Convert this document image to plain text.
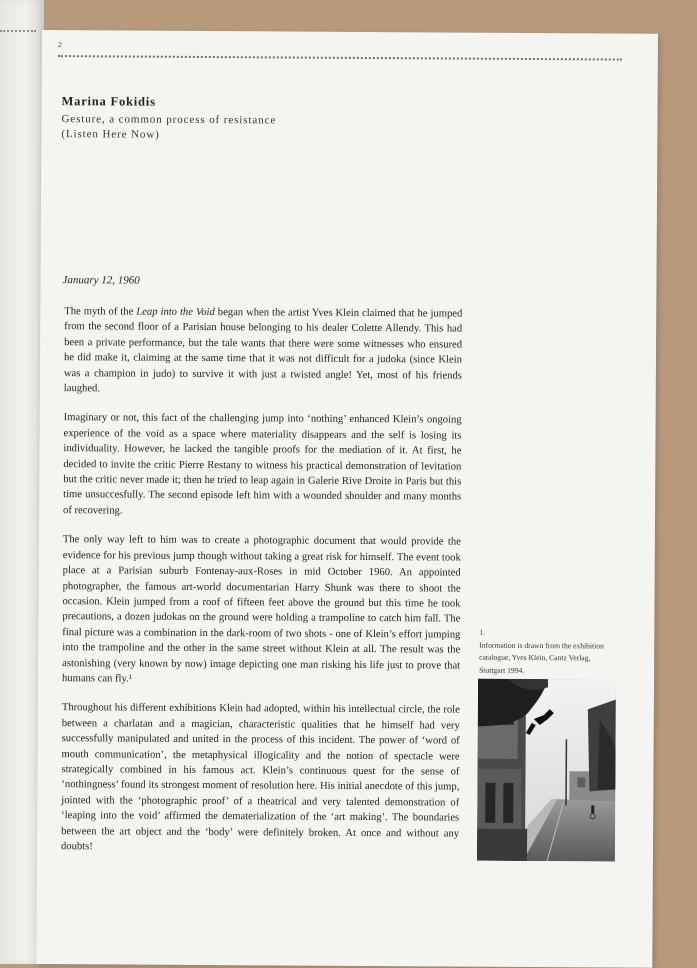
2
Marina Fokidis
Gesture, a common process of resistance
(Listen Here Now)
January 12, 1960

The myth of the Leap into the Void began when the artist Yves Klein claimed that he jumped from the second floor of a Parisian house belonging to his dealer Colette Allendy. This had been a private performance, but the tale wants that there were some witnesses who ensured he did make it, claiming at the same time that it was not difficult for a judoka (since Klein was a champion in judo) to survive it with just a twisted angle! Yet, most of his friends laughed.

Imaginary or not, this fact of the challenging jump into ‘nothing’ enhanced Klein’s ongoing experience of the void as a space where materiality disappears and the self is losing its individuality. However, he lacked the tangible proofs for the mediation of it. At first, he decided to invite the critic Pierre Restany to witness his practical demonstration of levitation but the critic never made it; then he tried to leap again in Galerie Rive Droite in Paris but this time unsuccesfully. The second episode left him with a wounded shoulder and many months of recovering.

The only way left to him was to create a photographic document that would provide the evidence for his previous jump though without taking a great risk for himself. The event took place at a Parisian suburb Fontenay-aux-Roses in mid October 1960. An appointed photographer, the famous art-world documentarian Harry Shunk was there to shoot the occasion. Klein jumped from a roof of fifteen feet above the ground but this time he took precautions, a dozen judokas on the ground were holding a trampoline to catch him fall. The final picture was a combination in the dark-room of two shots - one of Klein’s effort jumping into the trampoline and the other in the same street without Klein at all. The result was the astonishing (very known by now) image depicting one man risking his life just to prove that humans can fly.¹

Throughout his different exhibitions Klein had adopted, within his intellectual circle, the role between a charlatan and a magician, characteristic qualities that he himself had very successfully manipulated and united in the process of this incident. The power of ‘word of mouth communication’, the metaphysical illogicality and the notion of spectacle were strategically combined in his famous act. Klein’s continuous quest for the sense of ‘nothingness’ found its strongest moment of resolution here. His initial anecdote of this jump, jointed with the ‘photographic proof’ of a theatrical and very talented demonstration of ‘leaping into the void’ affirmed the dematerialization of the ‘art making’. The boundaries between the art object and the ‘body’ were definitely broken. At once and without any doubts!

1.
Information is drawn from the exhibition catalogue, Yves Klein, Cantz Verlag, Stuttgart 1994.
